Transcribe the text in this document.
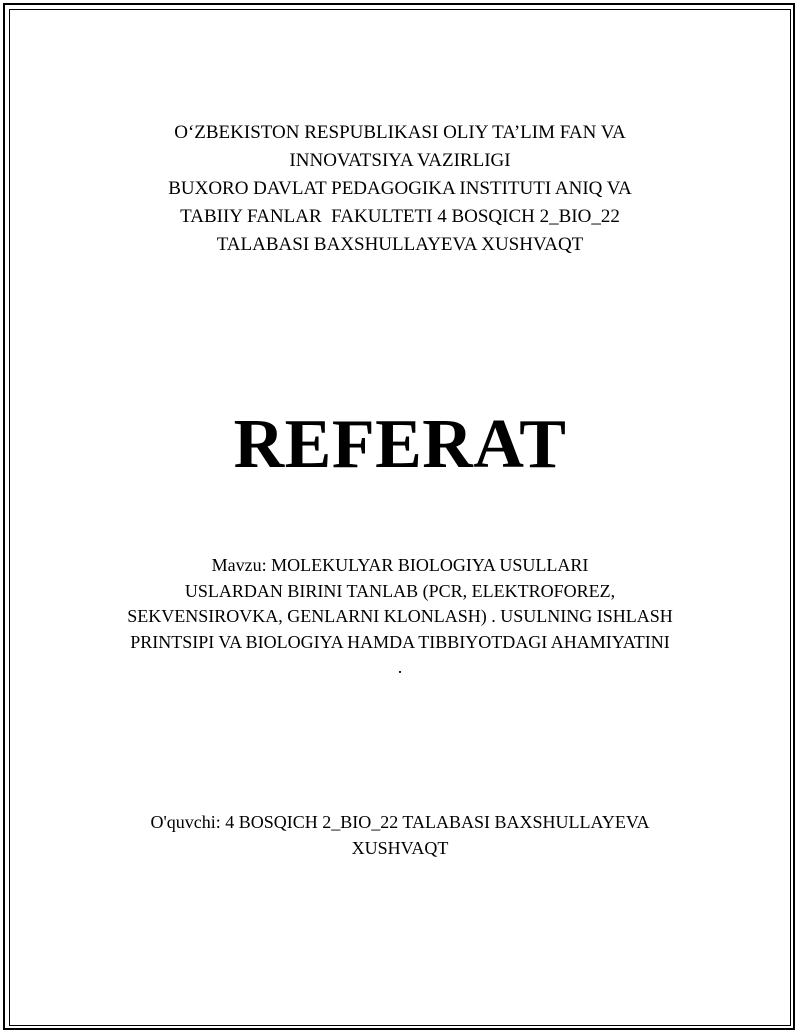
O‘ZBEKISTON RESPUBLIKASI OLIY TA’LIM FAN VA
INNOVATSIYA VAZIRLIGI
BUXORO DAVLAT PEDAGOGIKA INSTITUTI ANIQ VA
TABIIY FANLAR  FAKULTETI 4 BOSQICH 2_BIO_22
TALABASI BAXSHULLAYEVA XUSHVAQT
REFERAT
Mavzu: MOLEKULYAR BIOLOGIYA USULLARI
USLARDAN BIRINI TANLAB (PCR, ELEKTROFOREZ,
SEKVENSIROVKA, GENLARNI KLONLASH) . USULNING ISHLASH
PRINTSIPI VA BIOLOGIYA HAMDA TIBBIYOTDAGI AHAMIYATINI
.
O'quvchi: 4 BOSQICH 2_BIO_22 TALABASI BAXSHULLAYEVA
XUSHVAQT
